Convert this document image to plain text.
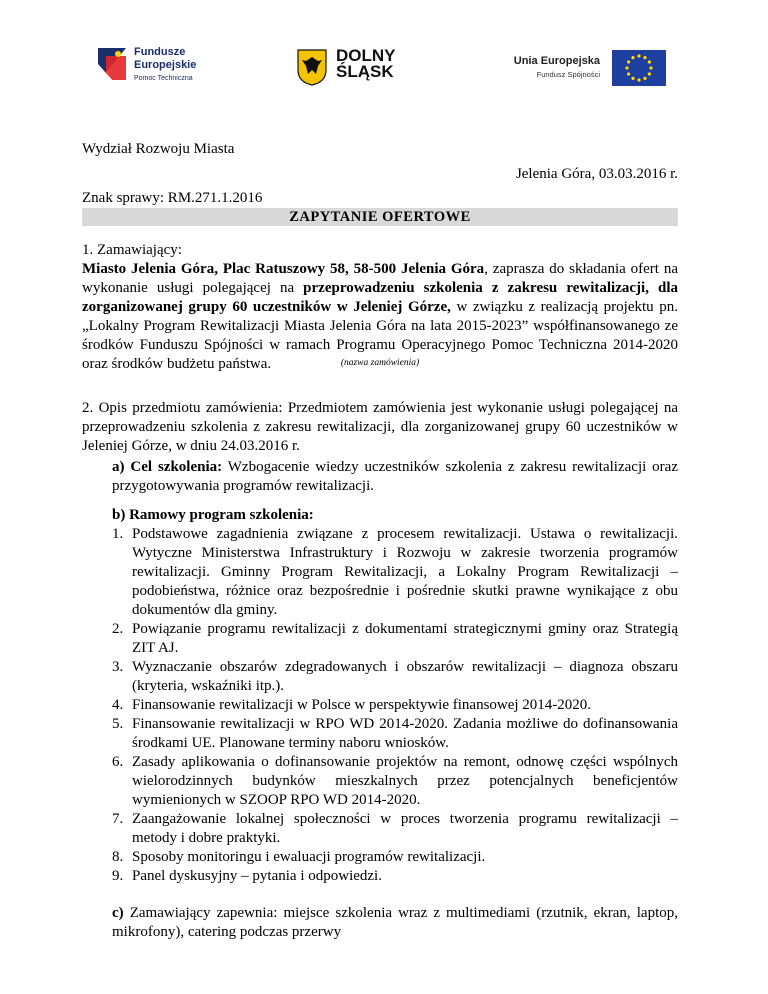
Fundusze
Europejskie
Pomoc Techniczna
DOLNY
ŚLĄSK
Unia Europejska
Fundusz Spójności
Wydział Rozwoju Miasta
Jelenia Góra, 03.03.2016 r.
Znak sprawy: RM.271.1.2016
ZAPYTANIE OFERTOWE
1. Zamawiający:
Miasto Jelenia Góra, Plac Ratuszowy 58, 58-500 Jelenia Góra, zaprasza do składania ofert na wykonanie usługi polegającej na przeprowadzeniu szkolenia z zakresu rewitalizacji, dla zorganizowanej grupy 60 uczestników w Jeleniej Górze, w związku z realizacją projektu pn. „Lokalny Program Rewitalizacji Miasta Jelenia Góra na lata 2015-2023” współfinansowanego ze środków Funduszu Spójności w ramach Programu Operacyjnego Pomoc Techniczna 2014-2020 oraz środków budżetu państwa.	(nazwa zamówienia)
2. Opis przedmiotu zamówienia: Przedmiotem zamówienia jest wykonanie usługi polegającej na przeprowadzeniu szkolenia z zakresu rewitalizacji, dla zorganizowanej grupy 60 uczestników w Jeleniej Górze, w dniu 24.03.2016 r.
a) Cel szkolenia: Wzbogacenie wiedzy uczestników szkolenia z zakresu rewitalizacji oraz przygotowywania programów rewitalizacji.
b) Ramowy program szkolenia:
1. Podstawowe zagadnienia związane z procesem rewitalizacji. Ustawa o rewitalizacji. Wytyczne Ministerstwa Infrastruktury i Rozwoju w zakresie tworzenia programów rewitalizacji. Gminny Program Rewitalizacji, a Lokalny Program Rewitalizacji – podobieństwa, różnice oraz bezpośrednie i pośrednie skutki prawne wynikające z obu dokumentów dla gminy.
2. Powiązanie programu rewitalizacji z dokumentami strategicznymi gminy oraz Strategią ZIT AJ.
3. Wyznaczanie obszarów zdegradowanych i obszarów rewitalizacji – diagnoza obszaru (kryteria, wskaźniki itp.).
4. Finansowanie rewitalizacji w Polsce w perspektywie finansowej 2014-2020.
5. Finansowanie rewitalizacji w RPO WD 2014-2020. Zadania możliwe do dofinansowania środkami UE. Planowane terminy naboru wniosków.
6. Zasady aplikowania o dofinansowanie projektów na remont, odnowę części wspólnych wielorodzinnych budynków mieszkalnych przez potencjalnych beneficjentów wymienionych w SZOOP RPO WD 2014-2020.
7. Zaangażowanie lokalnej społeczności w proces tworzenia programu rewitalizacji – metody i dobre praktyki.
8. Sposoby monitoringu i ewaluacji programów rewitalizacji.
9. Panel dyskusyjny – pytania i odpowiedzi.
c) Zamawiający zapewnia: miejsce szkolenia wraz z multimediami (rzutnik, ekran, laptop, mikrofony), catering podczas przerwy
